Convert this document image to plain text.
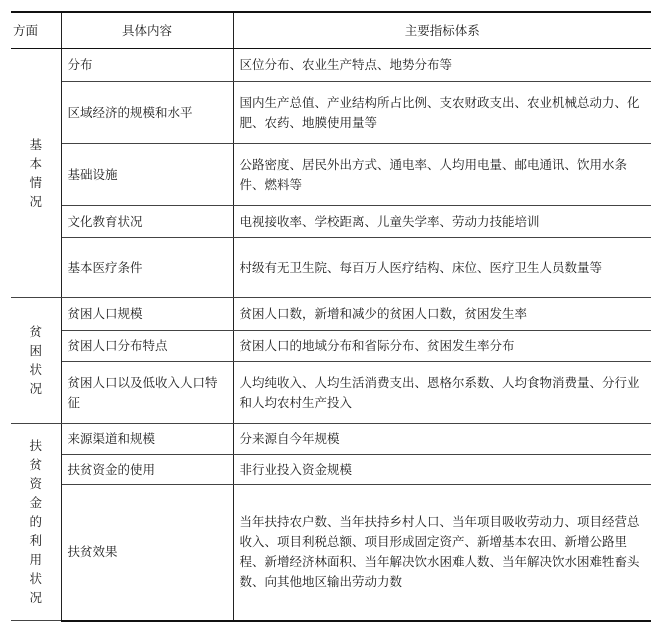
方面	具体内容	主要指标体系
基本情况	分布	区位分布、农业生产特点、地势分布等
	区域经济的规模和水平	国内生产总值、产业结构所占比例、支农财政支出、农业机械总动力、化肥、农药、地膜使用量等
	基础设施	公路密度、居民外出方式、通电率、人均用电量、邮电通讯、饮用水条件、燃料等
	文化教育状况	电视接收率、学校距离、儿童失学率、劳动力技能培训
	基本医疗条件	村级有无卫生院、每百万人医疗结构、床位、医疗卫生人员数量等
贫困状况	贫困人口规模	贫困人口数，新增和减少的贫困人口数，贫困发生率
	贫困人口分布特点	贫困人口的地域分布和省际分布、贫困发生率分布
	贫困人口以及低收入人口特征	人均纯收入、人均生活消费支出、恩格尔系数、人均食物消费量、分行业和人均农村生产投入
扶贫资金的利用状况	来源渠道和规模	分来源自今年规模
	扶贫资金的使用	非行业投入资金规模
	扶贫效果	当年扶持农户数、当年扶持乡村人口、当年项目吸收劳动力、项目经营总收入、项目利税总额、项目形成固定资产、新增基本农田、新增公路里程、新增经济林面积、当年解决饮水困难人数、当年解决饮水困难牲畜头数、向其他地区输出劳动力数
